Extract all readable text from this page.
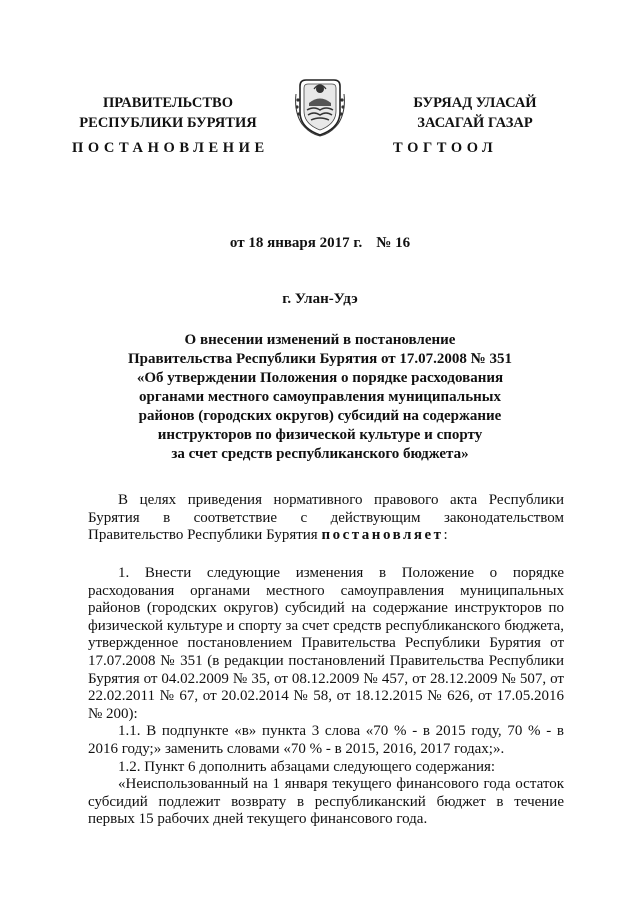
ПРАВИТЕЛЬСТВО
РЕСПУБЛИКИ БУРЯТИЯ
БУРЯАД УЛАСАЙ
ЗАСАГАЙ ГАЗАР
ПОСТАНОВЛЕНИЕ	ТОГТООЛ
от 18 января 2017 г. № 16
г. Улан-Удэ
О внесении изменений в постановление
Правительства Республики Бурятия от 17.07.2008 № 351
«Об утверждении Положения о порядке расходования
органами местного самоуправления муниципальных
районов (городских округов) субсидий на содержание
инструкторов по физической культуре и спорту
за счет средств республиканского бюджета»

В целях приведения нормативного правового акта Республики Бурятия в соответствие с действующим законодательством Правительство Республики Бурятия постановляет:

1. Внести следующие изменения в Положение о порядке расходования органами местного самоуправления муниципальных районов (городских округов) субсидий на содержание инструкторов по физической культуре и спорту за счет средств республиканского бюджета, утвержденное постановлением Правительства Республики Бурятия от 17.07.2008 № 351 (в редакции постановлений Правительства Республики Бурятия от 04.02.2009 № 35, от 08.12.2009 № 457, от 28.12.2009 № 507, от 22.02.2011 № 67, от 20.02.2014 № 58, от 18.12.2015 № 626, от 17.05.2016 № 200):

1.1. В подпункте «в» пункта 3 слова «70 % - в 2015 году, 70 % - в 2016 году;» заменить словами «70 % - в 2015, 2016, 2017 годах;».

1.2. Пункт 6 дополнить абзацами следующего содержания:

«Неиспользованный на 1 января текущего финансового года остаток субсидий подлежит возврату в республиканский бюджет в течение первых 15 рабочих дней текущего финансового года.
